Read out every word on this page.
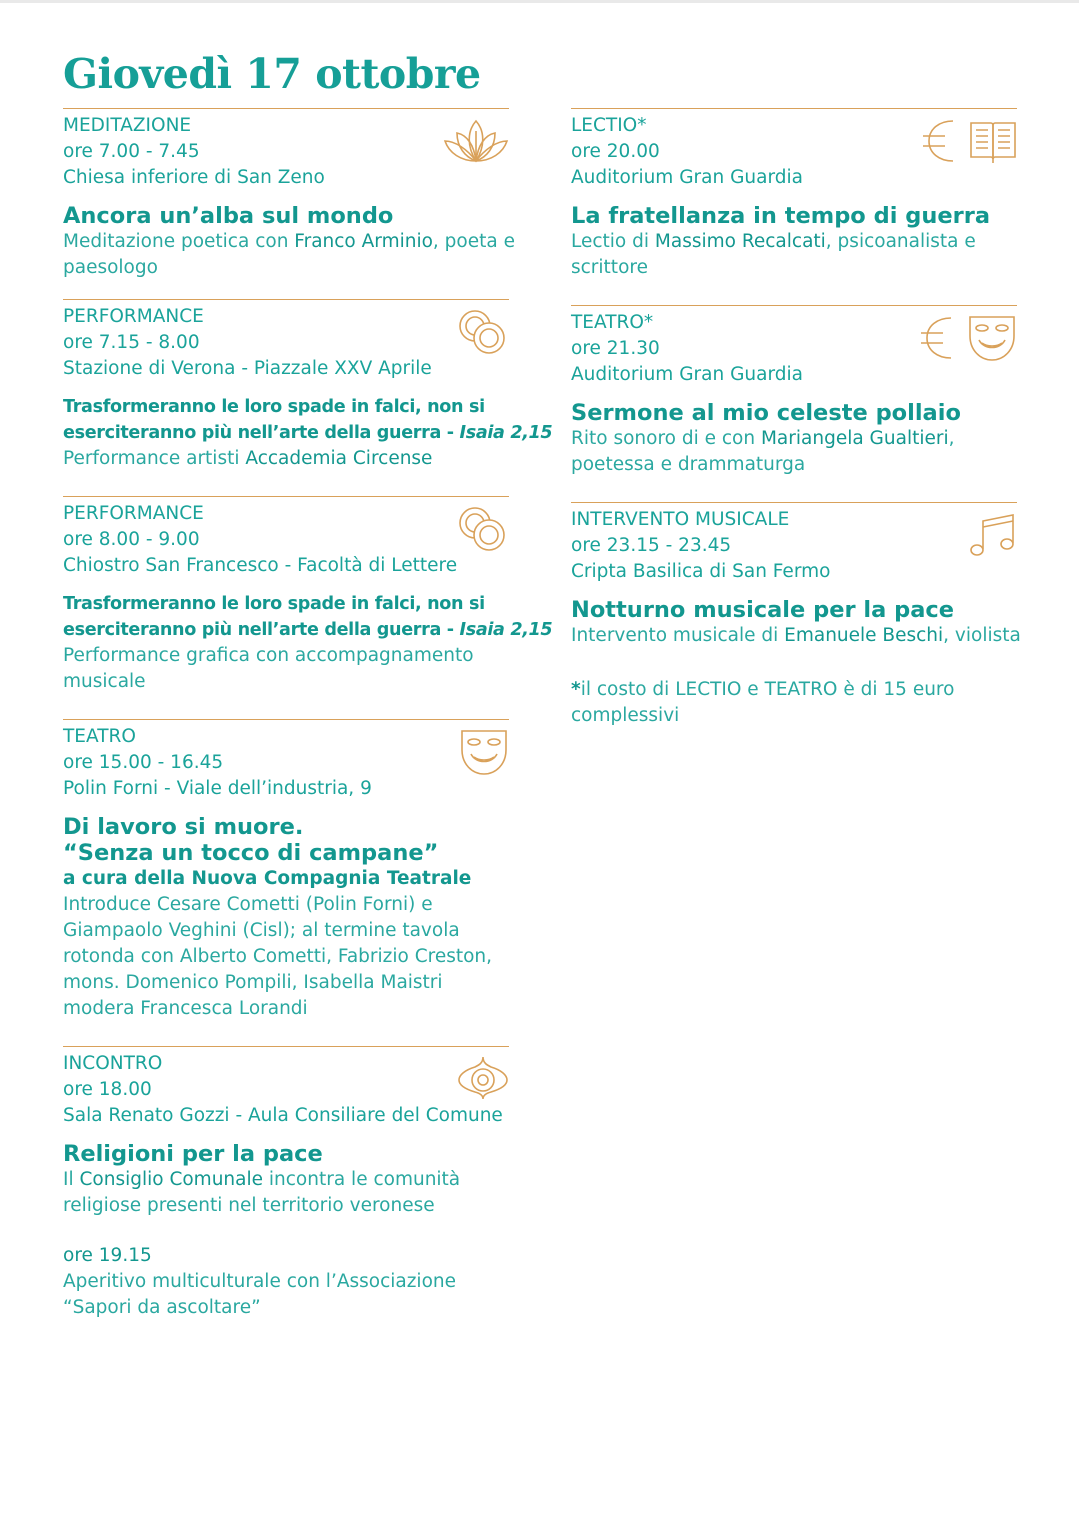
Giovedì 17 ottobre
MEDITAZIONE
ore 7.00 - 7.45
Chiesa inferiore di San Zeno
Ancora un’alba sul mondo
Meditazione poetica con Franco Arminio, poeta e
paesologo
PERFORMANCE
ore 7.15 - 8.00
Stazione di Verona - Piazzale XXV Aprile
Trasformeranno le loro spade in falci, non si
eserciteranno più nell’arte della guerra - Isaia 2,15
Performance artisti Accademia Circense
PERFORMANCE
ore 8.00 - 9.00
Chiostro San Francesco - Facoltà di Lettere
Trasformeranno le loro spade in falci, non si
eserciteranno più nell’arte della guerra - Isaia 2,15
Performance grafica con accompagnamento
musicale
TEATRO
ore 15.00 - 16.45
Polin Forni - Viale dell’industria, 9
Di lavoro si muore.
“Senza un tocco di campane”
a cura della Nuova Compagnia Teatrale
Introduce Cesare Cometti (Polin Forni) e
Giampaolo Veghini (Cisl); al termine tavola
rotonda con Alberto Cometti, Fabrizio Creston,
mons. Domenico Pompili, Isabella Maistri
modera Francesca Lorandi
INCONTRO
ore 18.00
Sala Renato Gozzi - Aula Consiliare del Comune
Religioni per la pace
Il Consiglio Comunale incontra le comunità
religiose presenti nel territorio veronese
ore 19.15
Aperitivo multiculturale con l’Associazione
“Sapori da ascoltare”
LECTIO*
ore 20.00
Auditorium Gran Guardia
La fratellanza in tempo di guerra
Lectio di Massimo Recalcati, psicoanalista e
scrittore
TEATRO*
ore 21.30
Auditorium Gran Guardia
Sermone al mio celeste pollaio
Rito sonoro di e con Mariangela Gualtieri,
poetessa e drammaturga
INTERVENTO MUSICALE
ore 23.15 - 23.45
Cripta Basilica di San Fermo
Notturno musicale per la pace
Intervento musicale di Emanuele Beschi, violista
*il costo di LECTIO e TEATRO è di 15 euro
complessivi
